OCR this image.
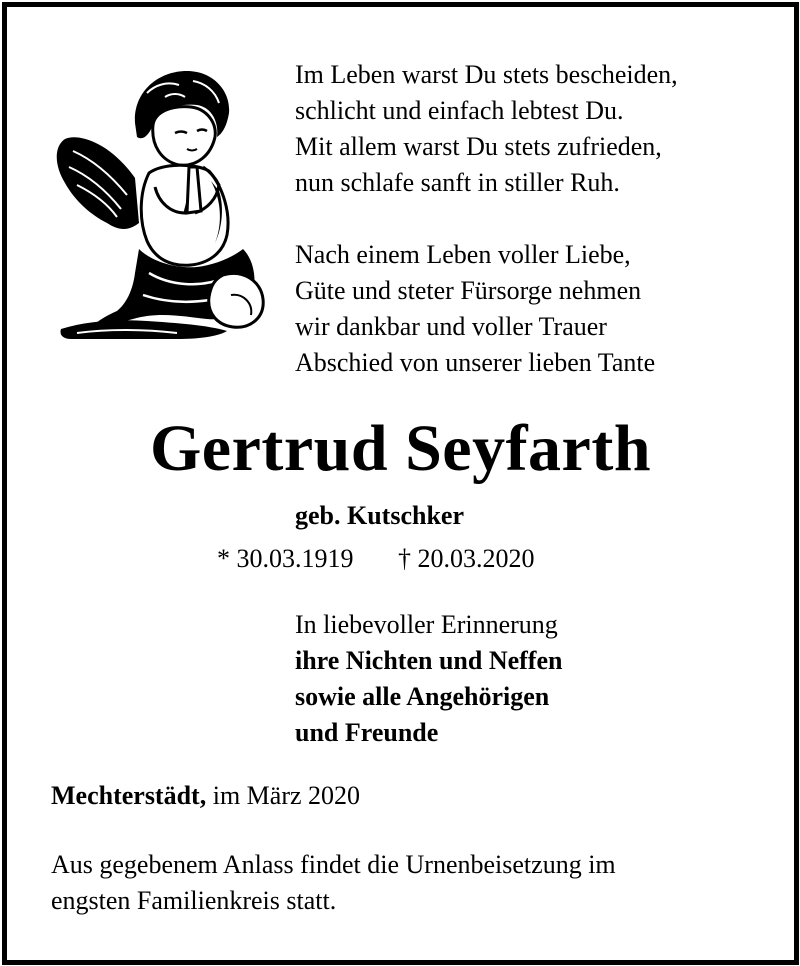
Im Leben warst Du stets bescheiden,
schlicht und einfach lebtest Du.
Mit allem warst Du stets zufrieden,
nun schlafe sanft in stiller Ruh.
Nach einem Leben voller Liebe,
Güte und steter Fürsorge nehmen
wir dankbar und voller Trauer
Abschied von unserer lieben Tante
Gertrud Seyfarth
geb. Kutschker
* 30.03.1919 † 20.03.2020
In liebevoller Erinnerung
ihre Nichten und Neffen
sowie alle Angehörigen
und Freunde
Mechterstädt, im März 2020
Aus gegebenem Anlass findet die Urnenbeisetzung im
engsten Familienkreis statt.
